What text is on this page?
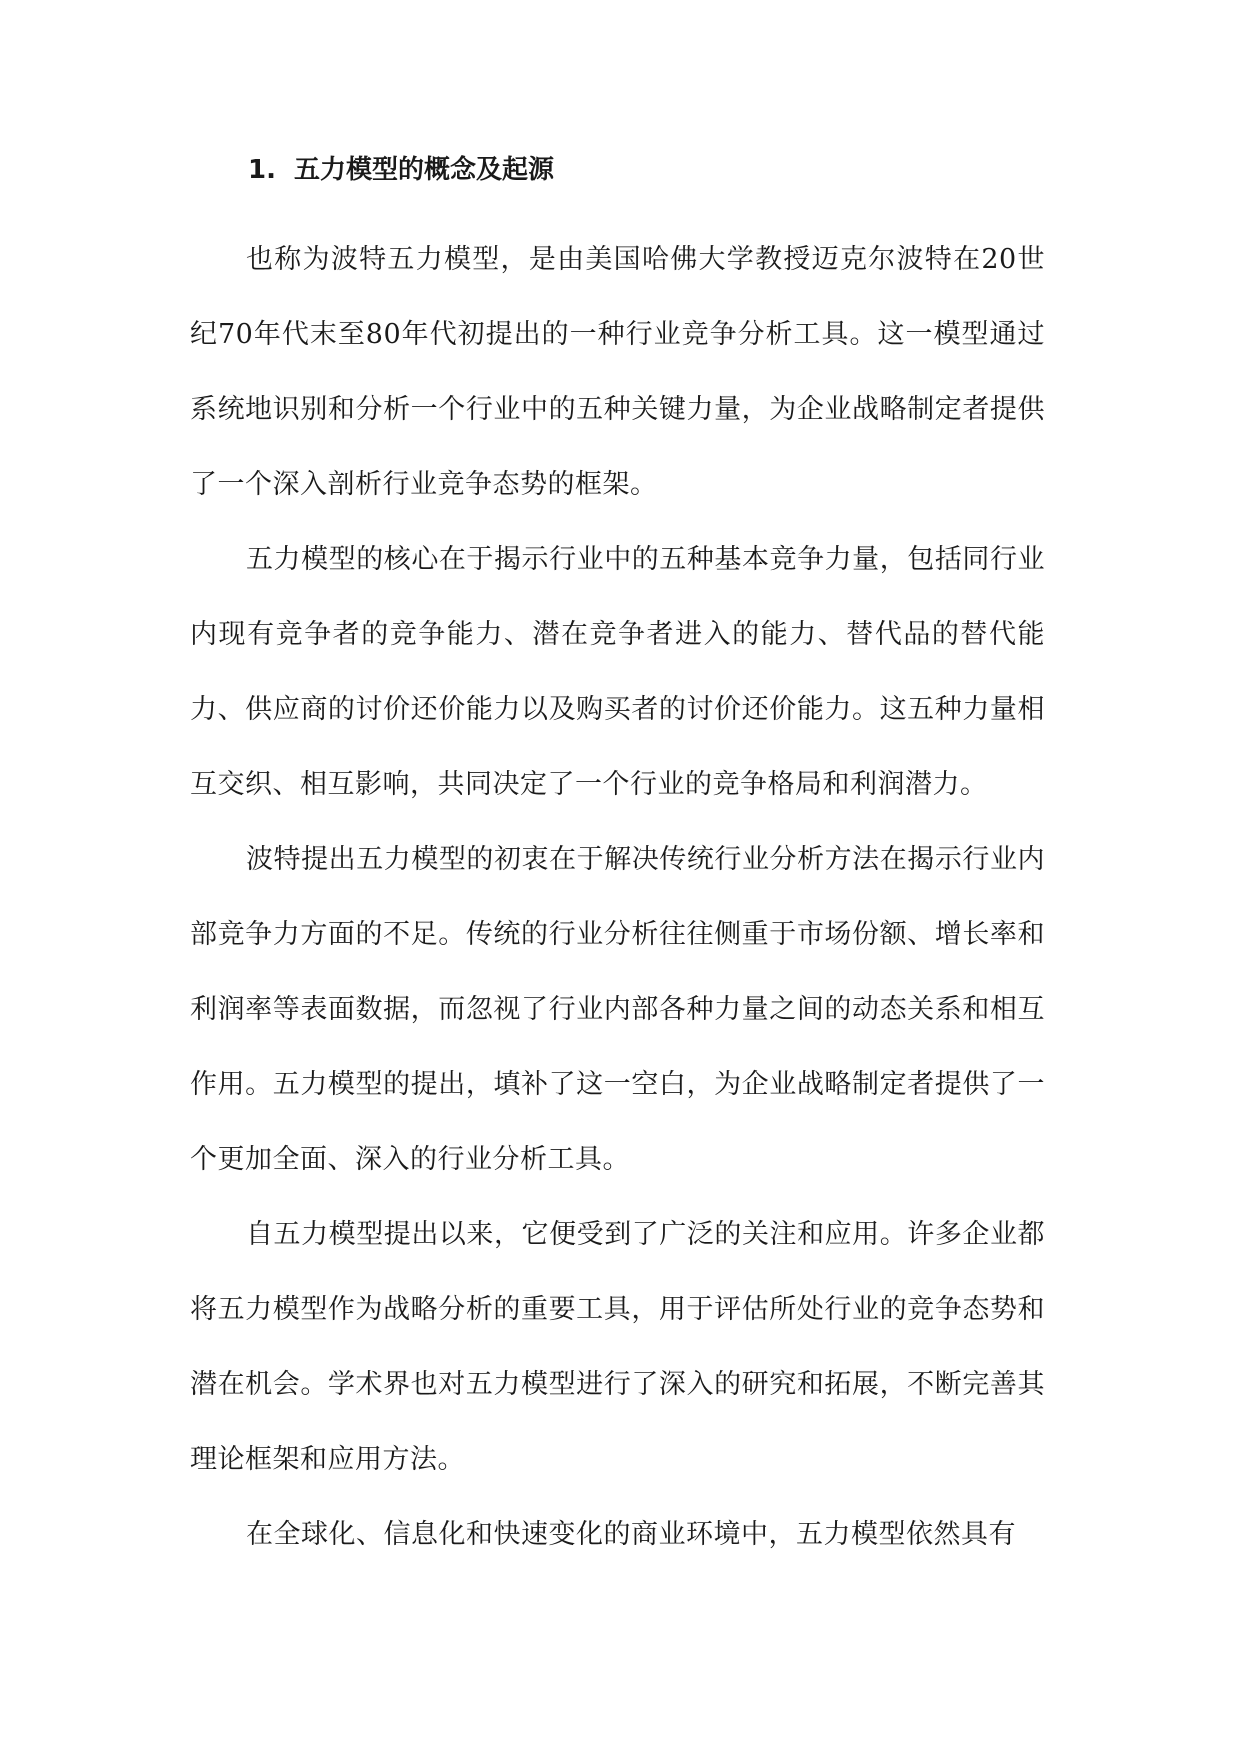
1. 五力模型的概念及起源

也称为波特五力模型，是由美国哈佛大学教授迈克尔波特在20世纪70年代末至80年代初提出的一种行业竞争分析工具。这一模型通过系统地识别和分析一个行业中的五种关键力量，为企业战略制定者提供了一个深入剖析行业竞争态势的框架。

五力模型的核心在于揭示行业中的五种基本竞争力量，包括同行业内现有竞争者的竞争能力、潜在竞争者进入的能力、替代品的替代能力、供应商的讨价还价能力以及购买者的讨价还价能力。这五种力量相互交织、相互影响，共同决定了一个行业的竞争格局和利润潜力。

波特提出五力模型的初衷在于解决传统行业分析方法在揭示行业内部竞争力方面的不足。传统的行业分析往往侧重于市场份额、增长率和利润率等表面数据，而忽视了行业内部各种力量之间的动态关系和相互作用。五力模型的提出，填补了这一空白，为企业战略制定者提供了一个更加全面、深入的行业分析工具。

自五力模型提出以来，它便受到了广泛的关注和应用。许多企业都将五力模型作为战略分析的重要工具，用于评估所处行业的竞争态势和潜在机会。学术界也对五力模型进行了深入的研究和拓展，不断完善其理论框架和应用方法。

在全球化、信息化和快速变化的商业环境中，五力模型依然具有
